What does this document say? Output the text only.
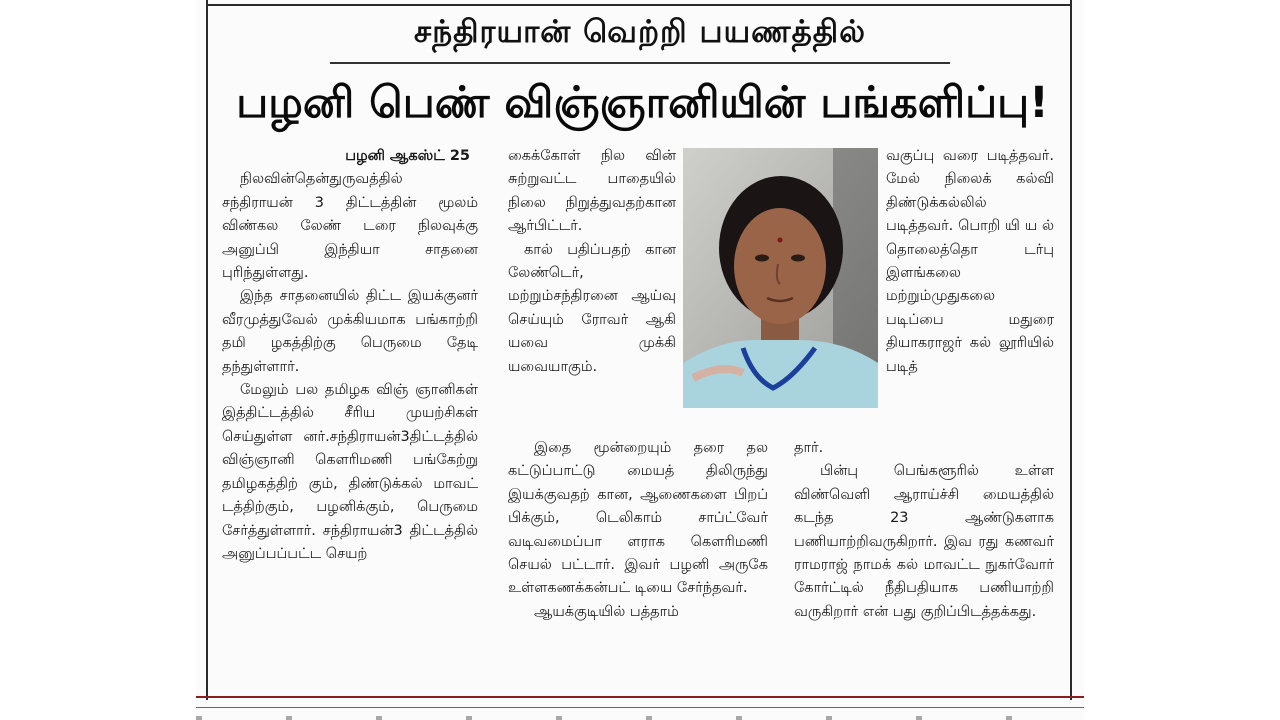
சந்திரயான் வெற்றி பயணத்தில்
பழனி பெண் விஞ்ஞானியின் பங்களிப்பு!

பழனி ஆகஸ்ட் 25

நிலவின்தென்துருவத்தில் சந்திராயன் 3 திட்டத்தின் மூலம் விண்கல லேண் டரை நிலவுக்கு அனுப்பி இந்தியா சாதனை புரிந்துள்ளது.

இந்த சாதனையில் திட்ட இயக்குனர் வீரமுத்துவேல் முக்கியமாக பங்காற்றி தமி ழகத்திற்கு பெருமை தேடி தந்துள்ளார்.

மேலும் பல தமிழக விஞ் ஞானிகள் இத்திட்டத்தில் சீரிய முயற்சிகள் செய்துள்ள னர்.சந்திராயன்3திட்டத்தில் விஞ்ஞானி கௌரிமணி பங்கேற்று தமிழகத்திற் கும், திண்டுக்கல் மாவட் டத்திற்கும், பழனிக்கும், பெருமை சேர்த்துள்ளார். சந்திராயன்3 திட்டத்தில் அனுப்பப்பட்ட செயற்

கைக்கோள் நில வின் சுற்றுவட்ட பாதையில் நிலை நிறுத்துவதற்கான ஆர்பிட்டர்.

கால் பதிப்பதற் கான லேண்டெர், மற்றும்சந்திரனை ஆய்வு செய்யும் ரோவர் ஆகி யவை முக்கி யவையாகும்.

வகுப்பு வரை படித்தவர். மேல் நிலைக் கல்வி திண்டுக்கல்லில் படித்தவர். பொறி யி ய ல் தொலைத்தொ டர்பு இளங்கலை மற்றும்முதுகலை படிப்பை மதுரை தியாகராஜர் கல் லூரியில் படித்

இதை மூன்றையும் தரை தல கட்டுப்பாட்டு மையத் திலிருந்து இயக்குவதற் கான, ஆணைகளை பிறப் பிக்கும், டெலிகாம் சாப்ட்வேர் வடிவமைப்பா ளராக கௌரிமணி செயல் பட்டார். இவர் பழனி அருகே உள்ளகணக்கன்பட் டியை சேர்ந்தவர்.

ஆயக்குடியில் பத்தாம்

தார்.

பின்பு பெங்களூரில் உள்ள விண்வெளி ஆராய்ச்சி மையத்தில் கடந்த 23 ஆண்டுகளாக பணியாற்றிவருகிறார். இவ ரது கணவர் ராமராஜ் நாமக் கல் மாவட்ட நுகர்வோர் கோர்ட்டில் நீதிபதியாக பணியாற்றி வருகிறார் என் பது குறிப்பிடத்தக்கது.
